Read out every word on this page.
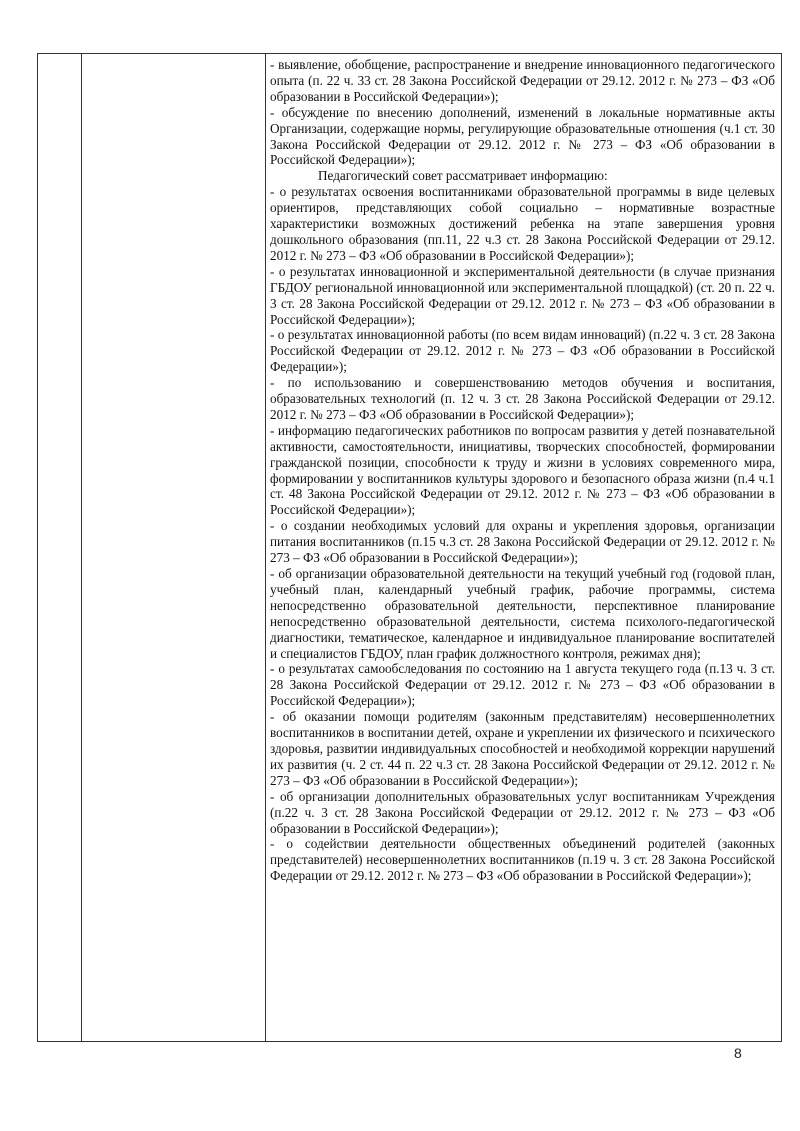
- выявление, обобщение, распространение и внедрение инновационного педагогического опыта (п. 22 ч. 33 ст. 28 Закона Российской Федерации от 29.12. 2012 г. № 273 – ФЗ «Об образовании в Российской Федерации»);

- обсуждение по внесению дополнений, изменений в локальные нормативные акты Организации, содержащие нормы, регулирующие образовательные отношения (ч.1 ст. 30 Закона Российской Федерации от 29.12. 2012 г. № 273 – ФЗ «Об образовании в Российской Федерации»);

Педагогический совет рассматривает информацию:

- о результатах освоения воспитанниками образовательной программы в виде целевых ориентиров, представляющих собой социально – нормативные возрастные характеристики возможных достижений ребенка на этапе завершения уровня дошкольного образования (пп.11, 22 ч.3 ст. 28 Закона Российской Федерации от 29.12. 2012 г. № 273 – ФЗ «Об образовании в Российской Федерации»);

- о результатах инновационной и экспериментальной деятельности (в случае признания ГБДОУ региональной инновационной или экспериментальной площадкой) (ст. 20 п. 22 ч. 3 ст. 28 Закона Российской Федерации от 29.12. 2012 г. № 273 – ФЗ «Об образовании в Российской Федерации»);

- о результатах инновационной работы (по всем видам инноваций) (п.22 ч. 3 ст. 28 Закона Российской Федерации от 29.12. 2012 г. № 273 – ФЗ «Об образовании в Российской Федерации»);

- по использованию и совершенствованию методов обучения и воспитания, образовательных технологий (п. 12 ч. 3 ст. 28 Закона Российской Федерации от 29.12. 2012 г. № 273 – ФЗ «Об образовании в Российской Федерации»);

- информацию педагогических работников по вопросам развития у детей познавательной активности, самостоятельности, инициативы, творческих способностей, формировании гражданской позиции, способности к труду и жизни в условиях современного мира, формировании у воспитанников культуры здорового и безопасного образа жизни (п.4 ч.1 ст. 48 Закона Российской Федерации от 29.12. 2012 г. № 273 – ФЗ «Об образовании в Российской Федерации»);

- о создании необходимых условий для охраны и укрепления здоровья, организации питания воспитанников (п.15 ч.3 ст. 28 Закона Российской Федерации от 29.12. 2012 г. № 273 – ФЗ «Об образовании в Российской Федерации»);

- об организации образовательной деятельности на текущий учебный год (годовой план, учебный план, календарный учебный график, рабочие программы, система непосредственно образовательной деятельности, перспективное планирование непосредственно образовательной деятельности, система психолого-педагогической диагностики, тематическое, календарное и индивидуальное планирование воспитателей и специалистов ГБДОУ, план график должностного контроля, режимах дня);

- о результатах самообследования по состоянию на 1 августа текущего года (п.13 ч. 3 ст. 28 Закона Российской Федерации от 29.12. 2012 г. № 273 – ФЗ «Об образовании в Российской Федерации»);

- об оказании помощи родителям (законным представителям) несовершеннолетних воспитанников в воспитании детей, охране и укреплении их физического и психического здоровья, развитии индивидуальных способностей и необходимой коррекции нарушений их развития (ч. 2 ст. 44 п. 22 ч.3 ст. 28 Закона Российской Федерации от 29.12. 2012 г. № 273 – ФЗ «Об образовании в Российской Федерации»);

- об организации дополнительных образовательных услуг воспитанникам Учреждения (п.22 ч. 3 ст. 28 Закона Российской Федерации от 29.12. 2012 г. № 273 – ФЗ «Об образовании в Российской Федерации»);

- о содействии деятельности общественных объединений родителей (законных представителей) несовершеннолетних воспитанников (п.19 ч. 3 ст. 28 Закона Российской Федерации от 29.12. 2012 г. № 273 – ФЗ «Об образовании в Российской Федерации»);

8
